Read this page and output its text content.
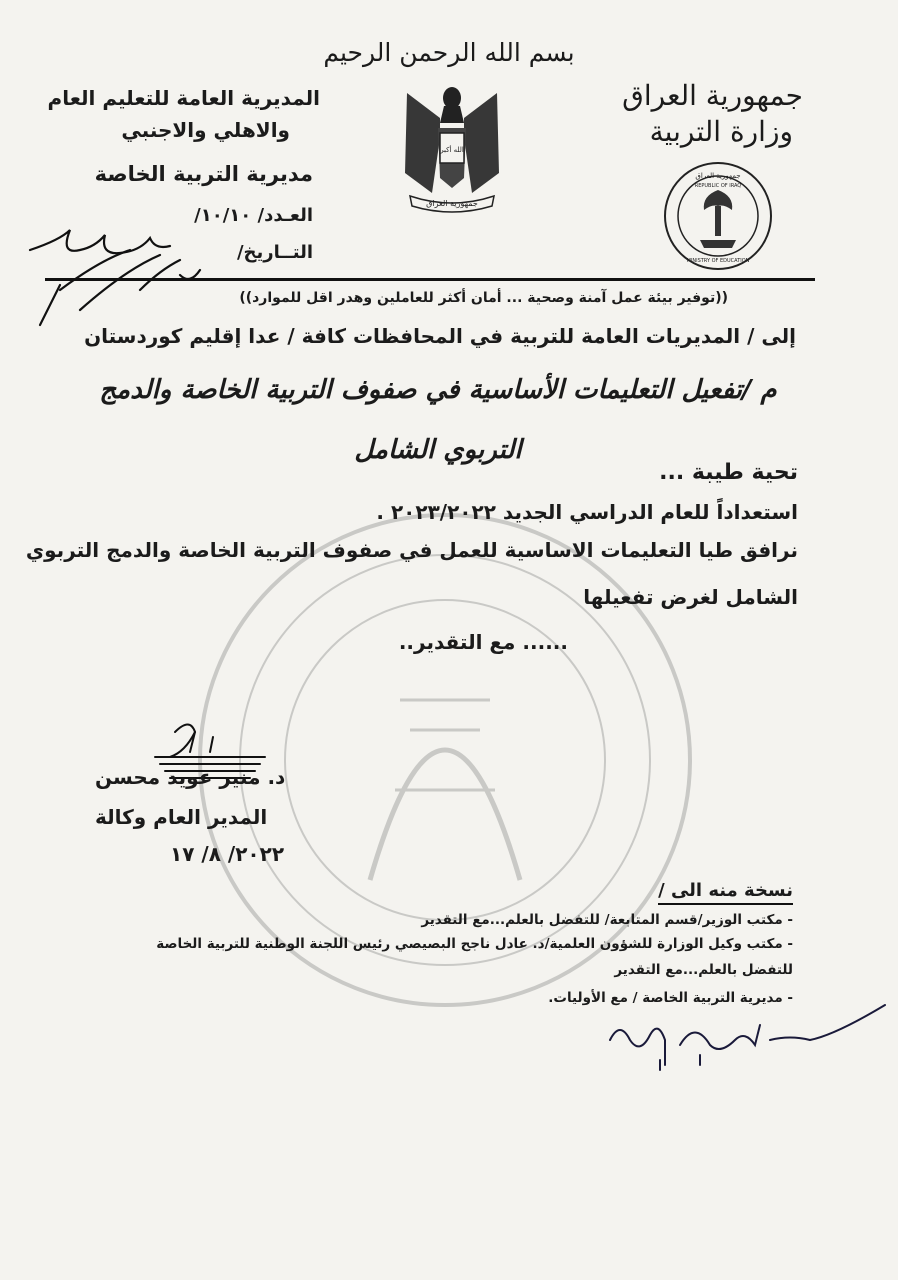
بسم الله الرحمن الرحيم
جمهورية العراق
وزارة التربية
المديرية العامة للتعليم العام
والاهلي والاجنبي
مديرية التربية الخاصة
العـدد/ ١٠/١٠/
التــاريخ/
الله أكبر
جمهورية العراق
جمهورية العراق
REPUBLIC OF IRAQ
MINISTRY OF EDUCATION
((توفير بيئة عمل آمنة وصحية ... أمان أكثر للعاملين وهدر اقل للموارد))
إلى / المديريات العامة للتربية في المحافظات كافة / عدا إقليم كوردستان
م /تفعيل التعليمات الأساسية في صفوف التربية الخاصة والدمج التربوي الشامل
تحية طيبة ...
استعداداً للعام الدراسي الجديد ٢٠٢٣/٢٠٢٢ .
نرافق طيا التعليمات الاساسية للعمل في صفوف التربية الخاصة والدمج التربوي
الشامل لغرض تفعيلها
...... مع التقدير..
د. منير عويد محسن
المدير العام وكالة
٢٠٢٢/ ٨/ ١٧
نسخة منه الى /
- مكتب الوزير/قسم المتابعة/ للتفضل بالعلم...مع التقدير
- مكتب وكيل الوزارة للشؤون العلمية/د. عادل ناجح البصيصي رئيس اللجنة الوطنية للتربية الخاصة
للتفضل بالعلم...مع التقدير
- مديرية التربية الخاصة / مع الأوليات.
